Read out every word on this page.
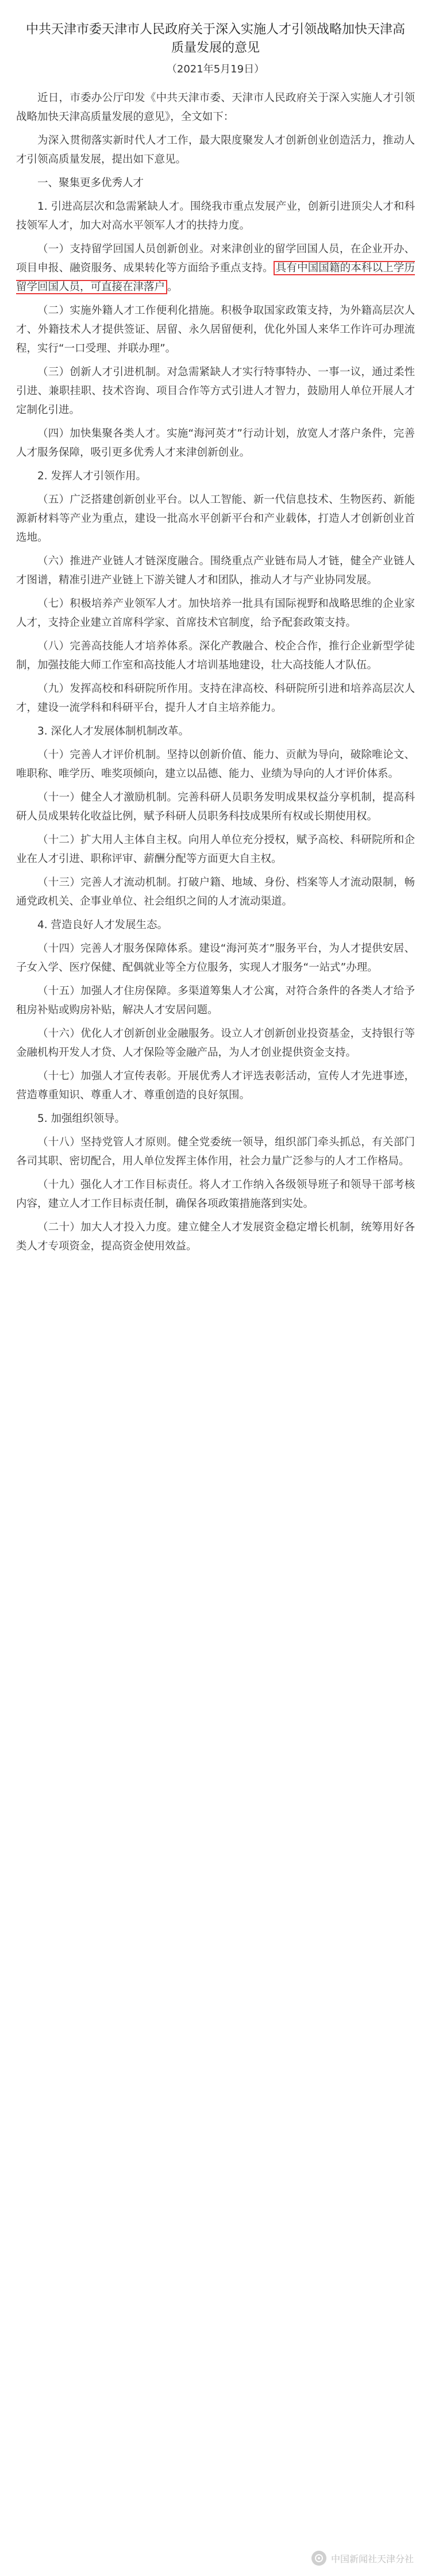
中共天津市委天津市人民政府关于深入实施人才引领战略加快天津高质量发展的意见
（2021年5月19日）

近日，市委办公厅印发《中共天津市委、天津市人民政府关于深入实施人才引领战略加快天津高质量发展的意见》，全文如下：

为深入贯彻落实新时代人才工作，最大限度聚发人才创新创业创造活力，推动人才引领高质量发展，提出如下意见。

一、聚集更多优秀人才

1. 引进高层次和急需紧缺人才。围绕我市重点发展产业，创新引进顶尖人才和科技领军人才，加大对高水平领军人才的扶持力度。

（一）支持留学回国人员创新创业。对来津创业的留学回国人员，在企业开办、项目申报、融资服务、成果转化等方面给予重点支持。 具有中国国籍的本科以上学历留学回国人员，可直接在津落户 。

（二）实施外籍人才工作便利化措施。积极争取国家政策支持，为外籍高层次人才、外籍技术人才提供签证、居留、永久居留便利，优化外国人来华工作许可办理流程，实行“一口受理、并联办理”。

（三）创新人才引进机制。对急需紧缺人才实行特事特办、一事一议，通过柔性引进、兼职挂职、技术咨询、项目合作等方式引进人才智力，鼓励用人单位开展人才定制化引进。

（四）加快集聚各类人才。实施“海河英才”行动计划，放宽人才落户条件，完善人才服务保障，吸引更多优秀人才来津创新创业。

2. 发挥人才引领作用。

（五）广泛搭建创新创业平台。以人工智能、新一代信息技术、生物医药、新能源新材料等产业为重点，建设一批高水平创新平台和产业载体，打造人才创新创业首选地。

（六）推进产业链人才链深度融合。围绕重点产业链布局人才链，健全产业链人才图谱，精准引进产业链上下游关键人才和团队，推动人才与产业协同发展。

（七）积极培养产业领军人才。加快培养一批具有国际视野和战略思维的企业家人才，支持企业建立首席科学家、首席技术官制度，给予配套政策支持。

（八）完善高技能人才培养体系。深化产教融合、校企合作，推行企业新型学徒制，加强技能大师工作室和高技能人才培训基地建设，壮大高技能人才队伍。

（九）发挥高校和科研院所作用。支持在津高校、科研院所引进和培养高层次人才，建设一流学科和科研平台，提升人才自主培养能力。

3. 深化人才发展体制机制改革。

（十）完善人才评价机制。坚持以创新价值、能力、贡献为导向，破除唯论文、唯职称、唯学历、唯奖项倾向，建立以品德、能力、业绩为导向的人才评价体系。

（十一）健全人才激励机制。完善科研人员职务发明成果权益分享机制，提高科研人员成果转化收益比例，赋予科研人员职务科技成果所有权或长期使用权。

（十二）扩大用人主体自主权。向用人单位充分授权，赋予高校、科研院所和企业在人才引进、职称评审、薪酬分配等方面更大自主权。

（十三）完善人才流动机制。打破户籍、地域、身份、档案等人才流动限制，畅通党政机关、企事业单位、社会组织之间的人才流动渠道。

4. 营造良好人才发展生态。

（十四）完善人才服务保障体系。建设“海河英才”服务平台，为人才提供安居、子女入学、医疗保健、配偶就业等全方位服务，实现人才服务“一站式”办理。

（十五）加强人才住房保障。多渠道筹集人才公寓，对符合条件的各类人才给予租房补贴或购房补贴，解决人才安居问题。

（十六）优化人才创新创业金融服务。设立人才创新创业投资基金，支持银行等金融机构开发人才贷、人才保险等金融产品，为人才创业提供资金支持。

（十七）加强人才宣传表彰。开展优秀人才评选表彰活动，宣传人才先进事迹，营造尊重知识、尊重人才、尊重创造的良好氛围。

5. 加强组织领导。

（十八）坚持党管人才原则。健全党委统一领导，组织部门牵头抓总，有关部门各司其职、密切配合，用人单位发挥主体作用，社会力量广泛参与的人才工作格局。

（十九）强化人才工作目标责任。将人才工作纳入各级领导班子和领导干部考核内容，建立人才工作目标责任制，确保各项政策措施落到实处。

（二十）加大人才投入力度。建立健全人才发展资金稳定增长机制，统筹用好各类人才专项资金，提高资金使用效益。

中国新闻社天津分社
